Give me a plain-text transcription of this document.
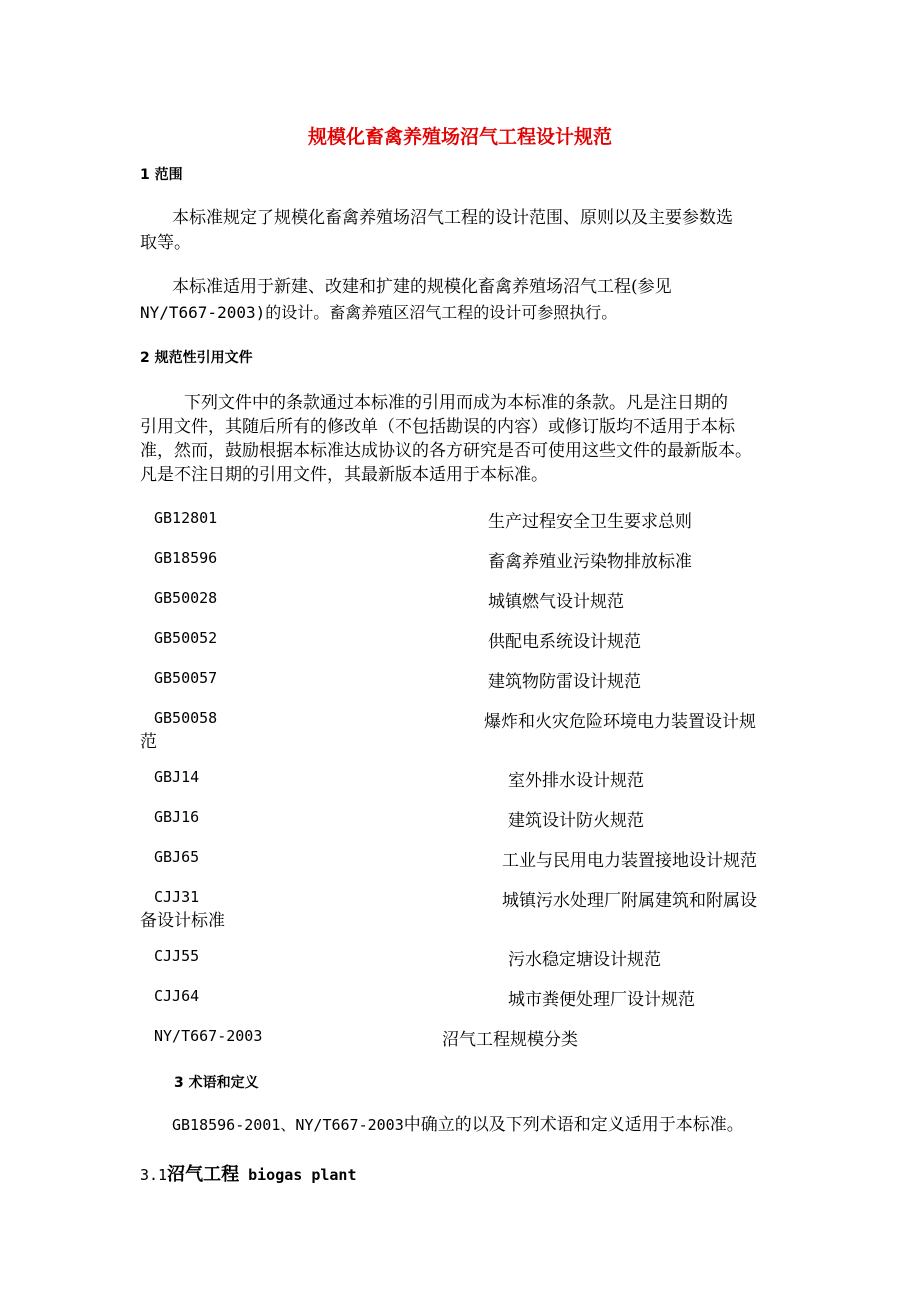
规模化畜禽养殖场沼气工程设计规范
1 范围
本标准规定了规模化畜禽养殖场沼气工程的设计范围、原则以及主要参数选
取等。
本标准适用于新建、改建和扩建的规模化畜禽养殖场沼气工程(参见
NY/T667-2003)的设计。畜禽养殖区沼气工程的设计可参照执行。
2 规范性引用文件
下列文件中的条款通过本标准的引用而成为本标准的条款。凡是注日期的
引用文件，其随后所有的修改单（不包括勘误的内容）或修订版均不适用于本标
准，然而，鼓励根据本标准达成协议的各方研究是否可使用这些文件的最新版本。
凡是不注日期的引用文件，其最新版本适用于本标准。
GB12801	生产过程安全卫生要求总则
GB18596	畜禽养殖业污染物排放标准
GB50028	城镇燃气设计规范
GB50052	供配电系统设计规范
GB50057	建筑物防雷设计规范
GB50058	爆炸和火灾危险环境电力装置设计规
范
GBJ14	室外排水设计规范
GBJ16	建筑设计防火规范
GBJ65	工业与民用电力装置接地设计规范
CJJ31	城镇污水处理厂附属建筑和附属设
备设计标准
CJJ55	污水稳定塘设计规范
CJJ64	城市粪便处理厂设计规范
NY/T667-2003	沼气工程规模分类
3 术语和定义
GB18596-2001、NY/T667-2003中确立的以及下列术语和定义适用于本标准。
3.1沼气工程 biogas plant
